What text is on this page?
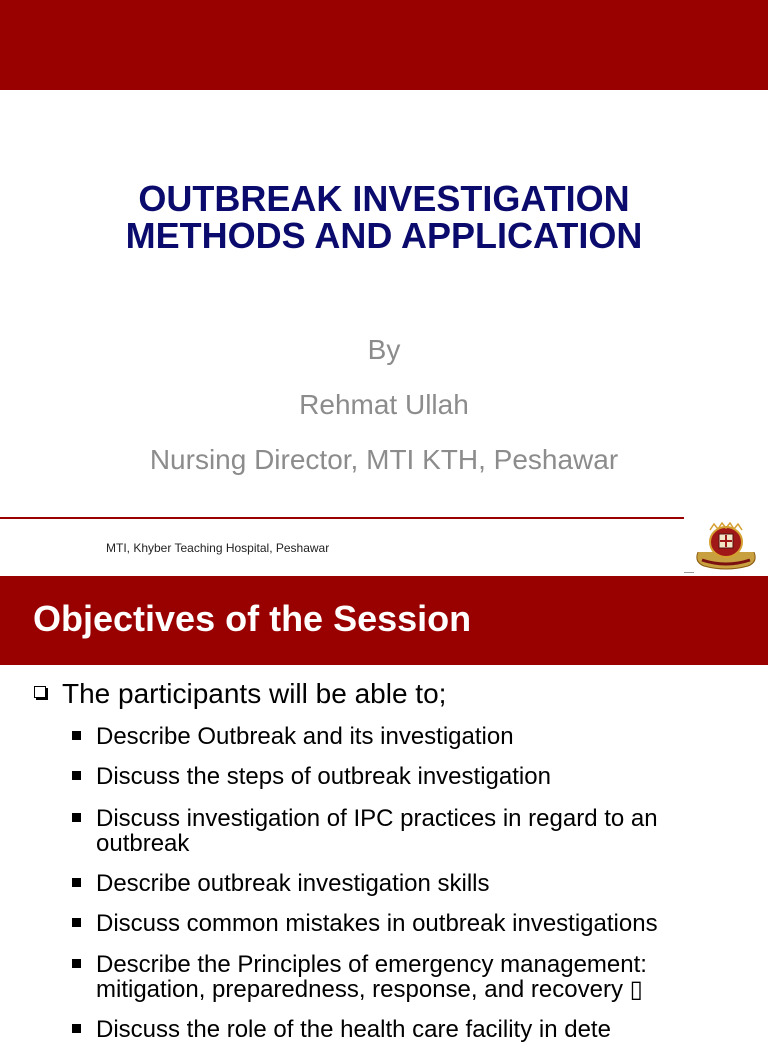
OUTBREAK INVESTIGATION
METHODS AND APPLICATION
By
Rehmat Ullah
Nursing Director, MTI KTH, Peshawar
MTI, Khyber Teaching Hospital, Peshawar
Objectives of the Session
The participants will be able to;
Describe Outbreak and its investigation
Discuss the steps of outbreak investigation
Discuss investigation of IPC practices in regard to an outbreak
Describe outbreak investigation skills
Discuss common mistakes in outbreak investigations
Describe the Principles of emergency management: mitigation, preparedness, response, and recovery ▯
Discuss the role of the health care facility in dete
